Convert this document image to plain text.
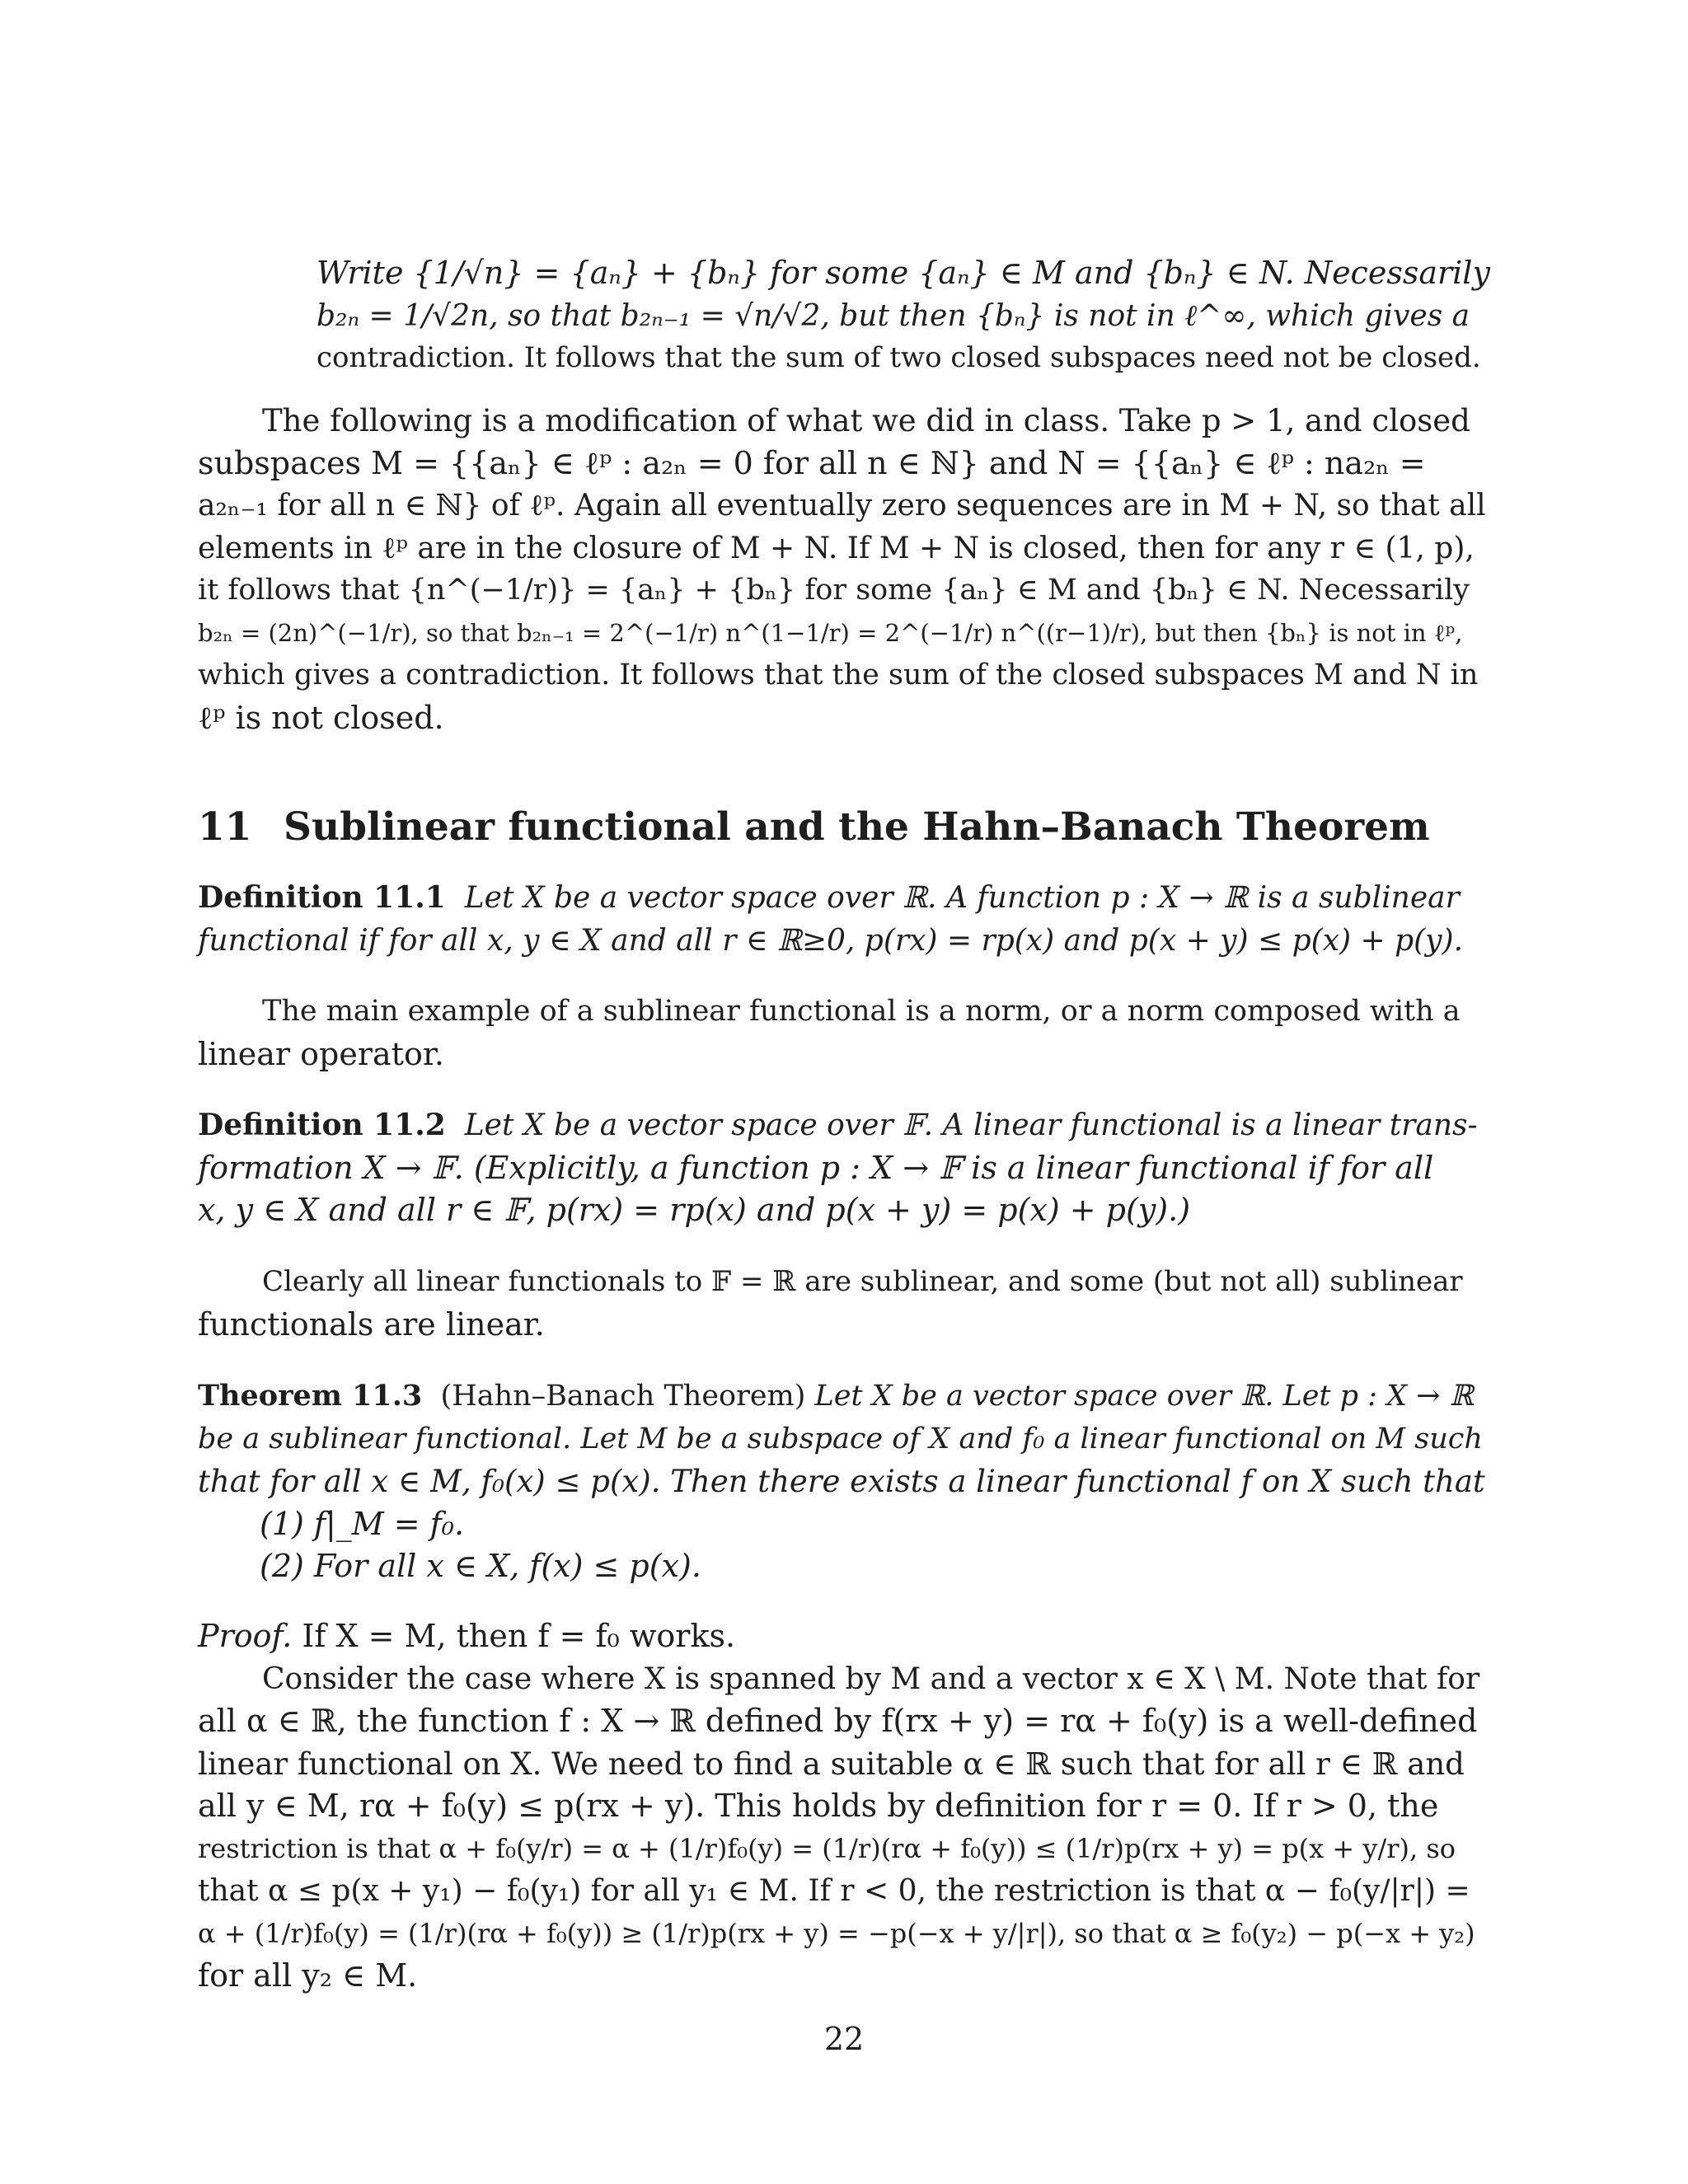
Write {1/√n} = {aₙ} + {bₙ} for some {aₙ} ∈ M and {bₙ} ∈ N. Necessarily
b₂ₙ = 1/√2n, so that b₂ₙ₋₁ = √n/√2, but then {bₙ} is not in ℓ^∞, which gives a
contradiction. It follows that the sum of two closed subspaces need not be closed.
The following is a modification of what we did in class. Take p > 1, and closed
subspaces M = {{aₙ} ∈ ℓᵖ : a₂ₙ = 0 for all n ∈ ℕ} and N = {{aₙ} ∈ ℓᵖ : na₂ₙ =
a₂ₙ₋₁ for all n ∈ ℕ} of ℓᵖ. Again all eventually zero sequences are in M + N, so that all
elements in ℓᵖ are in the closure of M + N. If M + N is closed, then for any r ∈ (1, p),
it follows that {n^(−1/r)} = {aₙ} + {bₙ} for some {aₙ} ∈ M and {bₙ} ∈ N. Necessarily
b₂ₙ = (2n)^(−1/r), so that b₂ₙ₋₁ = 2^(−1/r) n^(1−1/r) = 2^(−1/r) n^((r−1)/r), but then {bₙ} is not in ℓᵖ,
which gives a contradiction. It follows that the sum of the closed subspaces M and N in
ℓᵖ is not closed.
11 Sublinear functional and the Hahn–Banach Theorem
Definition 11.1 Let X be a vector space over ℝ. A function p : X → ℝ is a sublinear
functional if for all x, y ∈ X and all r ∈ ℝ≥0, p(rx) = rp(x) and p(x + y) ≤ p(x) + p(y).
The main example of a sublinear functional is a norm, or a norm composed with a
linear operator.
Definition 11.2 Let X be a vector space over 𝔽. A linear functional is a linear trans-
formation X → 𝔽. (Explicitly, a function p : X → 𝔽 is a linear functional if for all
x, y ∈ X and all r ∈ 𝔽, p(rx) = rp(x) and p(x + y) = p(x) + p(y).)
Clearly all linear functionals to 𝔽 = ℝ are sublinear, and some (but not all) sublinear
functionals are linear.
Theorem 11.3 (Hahn–Banach Theorem) Let X be a vector space over ℝ. Let p : X → ℝ
be a sublinear functional. Let M be a subspace of X and f₀ a linear functional on M such
that for all x ∈ M, f₀(x) ≤ p(x). Then there exists a linear functional f on X such that
(1) f|_M = f₀.
(2) For all x ∈ X, f(x) ≤ p(x).
Proof. If X = M, then f = f₀ works.
Consider the case where X is spanned by M and a vector x ∈ X \ M. Note that for
all α ∈ ℝ, the function f : X → ℝ defined by f(rx + y) = rα + f₀(y) is a well-defined
linear functional on X. We need to find a suitable α ∈ ℝ such that for all r ∈ ℝ and
all y ∈ M, rα + f₀(y) ≤ p(rx + y). This holds by definition for r = 0. If r > 0, the
restriction is that α + f₀(y/r) = α + (1/r)f₀(y) = (1/r)(rα + f₀(y)) ≤ (1/r)p(rx + y) = p(x + y/r), so
that α ≤ p(x + y₁) − f₀(y₁) for all y₁ ∈ M. If r < 0, the restriction is that α − f₀(y/|r|) =
α + (1/r)f₀(y) = (1/r)(rα + f₀(y)) ≥ (1/r)p(rx + y) = −p(−x + y/|r|), so that α ≥ f₀(y₂) − p(−x + y₂)
for all y₂ ∈ M.
22
